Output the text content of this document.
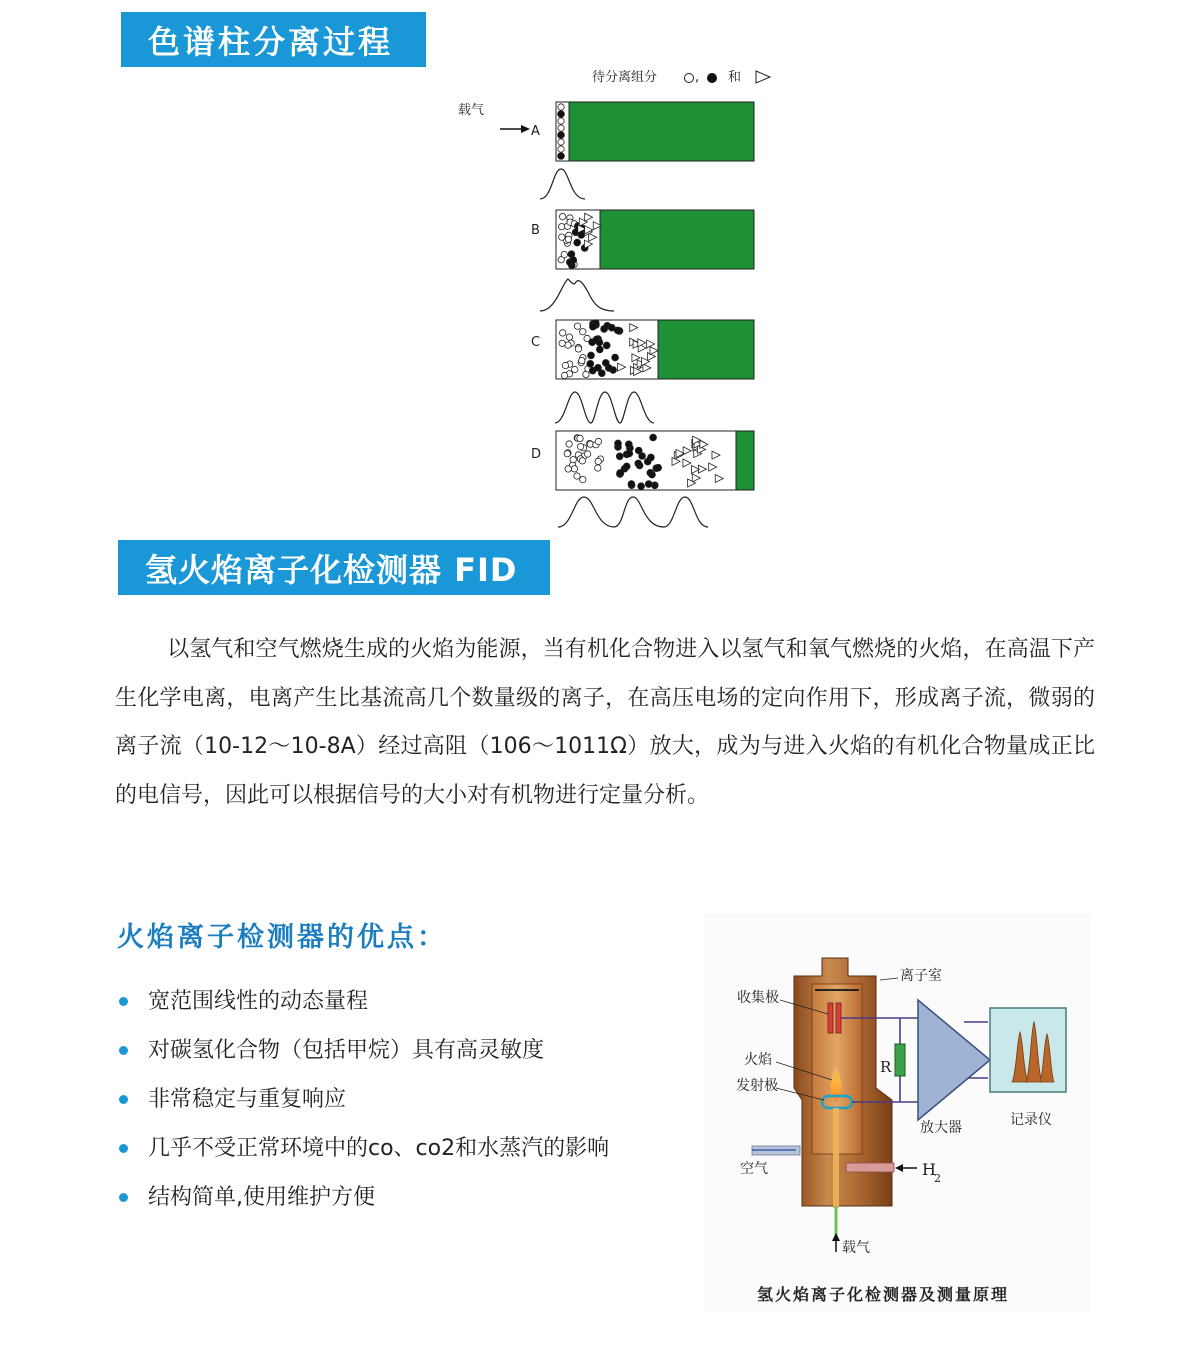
色谱柱分离过程
待分离组分	, 和
载气
A
B
C
D
氢火焰离子化检测器 FID
以氢气和空气燃烧生成的火焰为能源，当有机化合物进入以氢气和氧气燃烧的火焰，在高温下产生化学电离，电离产生比基流高几个数量级的离子，在高压电场的定向作用下，形成离子流，微弱的离子流（10-12～10-8A）经过高阻（106～1011Ω）放大，成为与进入火焰的有机化合物量成正比的电信号，因此可以根据信号的大小对有机物进行定量分析。
火焰离子检测器的优点：
宽范围线性的动态量程
对碳氢化合物（包括甲烷）具有高灵敏度
非常稳定与重复响应
几乎不受正常环境中的co、co2和水蒸汽的影响
结构简单,使用维护方便
离子室
收集极
火焰
发射极
R
放大器	记录仪
空气	H
2
载气
氢火焰离子化检测器及测量原理
